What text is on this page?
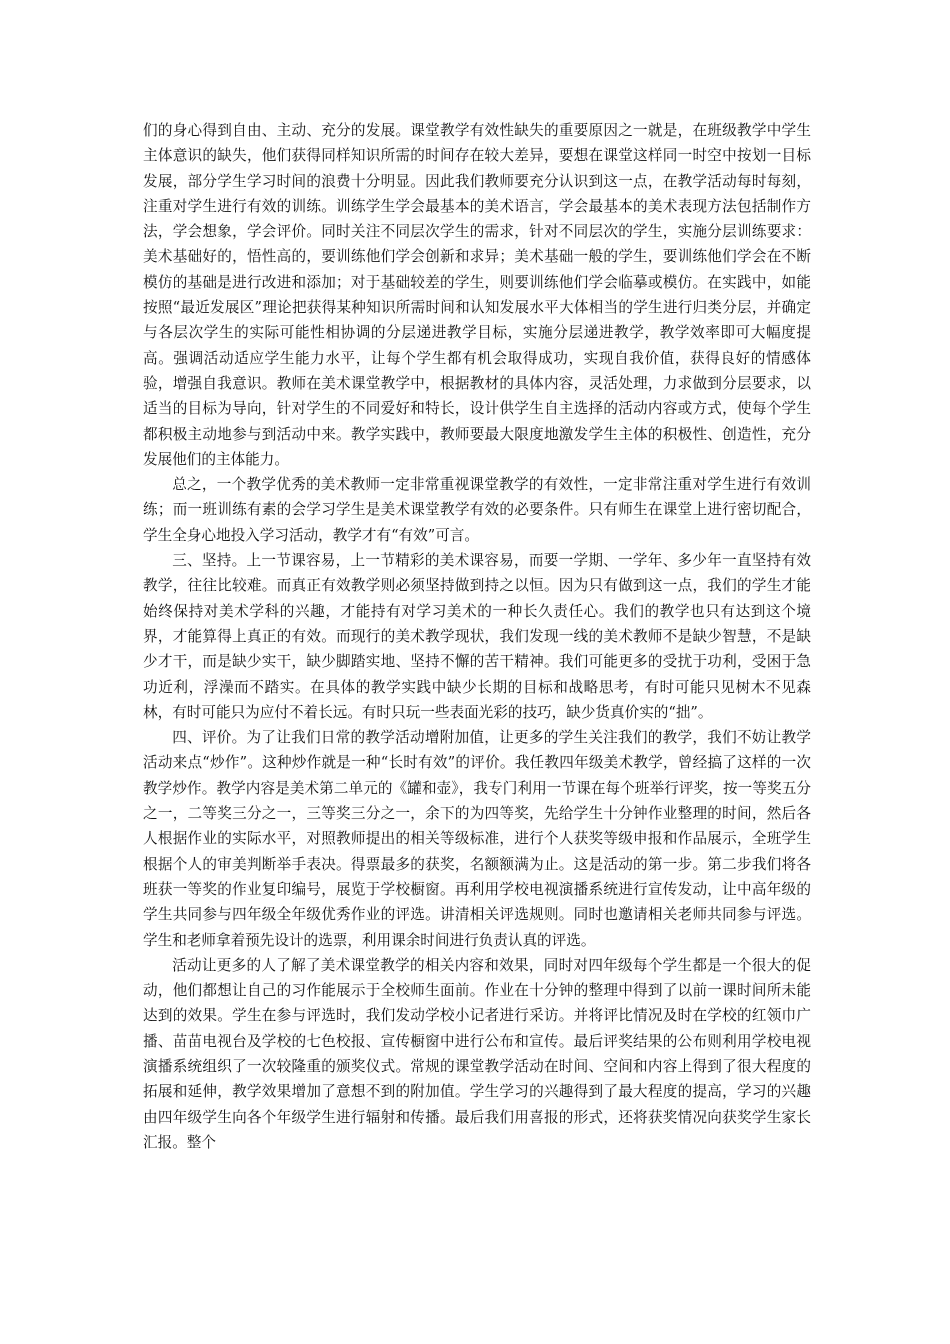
们的身心得到自由、主动、充分的发展。课堂教学有效性缺失的重要原因之一就是，在班级教学中学生主体意识的缺失，他们获得同样知识所需的时间存在较大差异，要想在课堂这样同一时空中按划一目标发展，部分学生学习时间的浪费十分明显。因此我们教师要充分认识到这一点，在教学活动每时每刻，注重对学生进行有效的训练。训练学生学会最基本的美术语言，学会最基本的美术表现方法包括制作方法，学会想象，学会评价。同时关注不同层次学生的需求，针对不同层次的学生，实施分层训练要求：美术基础好的，悟性高的，要训练他们学会创新和求异；美术基础一般的学生，要训练他们学会在不断模仿的基础是进行改进和添加；对于基础较差的学生，则要训练他们学会临摹或模仿。在实践中，如能按照“最近发展区”理论把获得某种知识所需时间和认知发展水平大体相当的学生进行归类分层，并确定与各层次学生的实际可能性相协调的分层递进教学目标，实施分层递进教学，教学效率即可大幅度提高。强调活动适应学生能力水平，让每个学生都有机会取得成功，实现自我价值，获得良好的情感体验，增强自我意识。教师在美术课堂教学中，根据教材的具体内容，灵活处理，力求做到分层要求，以适当的目标为导向，针对学生的不同爱好和特长，设计供学生自主选择的活动内容或方式，使每个学生都积极主动地参与到活动中来。教学实践中，教师要最大限度地激发学生主体的积极性、创造性，充分发展他们的主体能力。

总之，一个教学优秀的美术教师一定非常重视课堂教学的有效性，一定非常注重对学生进行有效训练；而一班训练有素的会学习学生是美术课堂教学有效的必要条件。只有师生在课堂上进行密切配合，学生全身心地投入学习活动，教学才有“有效”可言。

三、坚持。上一节课容易，上一节精彩的美术课容易，而要一学期、一学年、多少年一直坚持有效教学，往往比较难。而真正有效教学则必须坚持做到持之以恒。因为只有做到这一点，我们的学生才能始终保持对美术学科的兴趣，才能持有对学习美术的一种长久责任心。我们的教学也只有达到这个境界，才能算得上真正的有效。而现行的美术教学现状，我们发现一线的美术教师不是缺少智慧，不是缺少才干，而是缺少实干，缺少脚踏实地、坚持不懈的苦干精神。我们可能更多的受扰于功利，受困于急功近利，浮澡而不踏实。在具体的教学实践中缺少长期的目标和战略思考，有时可能只见树木不见森林，有时可能只为应付不着长远。有时只玩一些表面光彩的技巧，缺少货真价实的“拙”。

四、评价。为了让我们日常的教学活动增附加值，让更多的学生关注我们的教学，我们不妨让教学活动来点“炒作”。这种炒作就是一种“长时有效”的评价。我任教四年级美术教学，曾经搞了这样的一次教学炒作。教学内容是美术第二单元的《罐和壶》，我专门利用一节课在每个班举行评奖，按一等奖五分之一，二等奖三分之一，三等奖三分之一，余下的为四等奖，先给学生十分钟作业整理的时间，然后各人根据作业的实际水平，对照教师提出的相关等级标准，进行个人获奖等级申报和作品展示，全班学生根据个人的审美判断举手表决。得票最多的获奖，名额额满为止。这是活动的第一步。第二步我们将各班获一等奖的作业复印编号，展览于学校橱窗。再利用学校电视演播系统进行宣传发动，让中高年级的学生共同参与四年级全年级优秀作业的评选。讲清相关评选规则。同时也邀请相关老师共同参与评选。学生和老师拿着预先设计的选票，利用课余时间进行负责认真的评选。

活动让更多的人了解了美术课堂教学的相关内容和效果，同时对四年级每个学生都是一个很大的促动，他们都想让自己的习作能展示于全校师生面前。作业在十分钟的整理中得到了以前一课时间所未能达到的效果。学生在参与评选时，我们发动学校小记者进行采访。并将评比情况及时在学校的红领巾广播、苗苗电视台及学校的七色校报、宣传橱窗中进行公布和宣传。最后评奖结果的公布则利用学校电视演播系统组织了一次较隆重的颁奖仪式。常规的课堂教学活动在时间、空间和内容上得到了很大程度的拓展和延伸，教学效果增加了意想不到的附加值。学生学习的兴趣得到了最大程度的提高，学习的兴趣由四年级学生向各个年级学生进行辐射和传播。最后我们用喜报的形式，还将获奖情况向获奖学生家长汇报。整个
